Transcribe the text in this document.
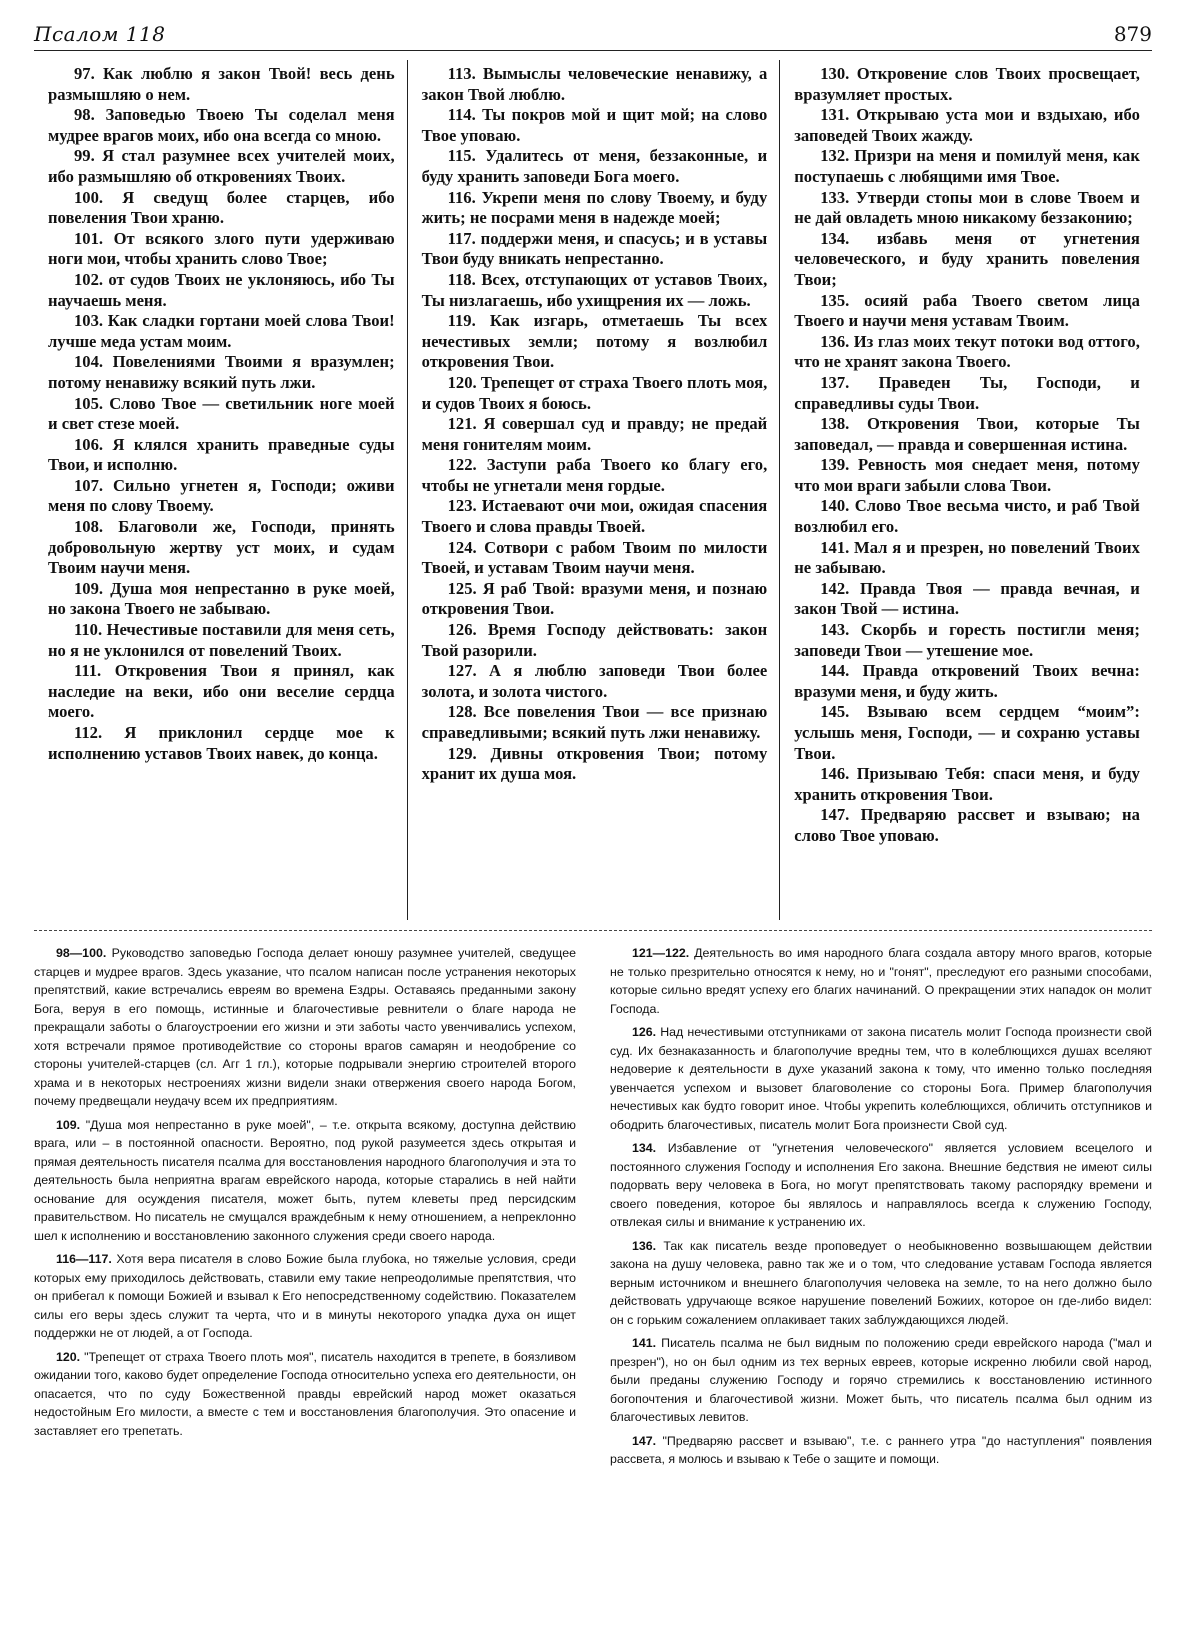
Псалом 118	879

97. Как люблю я закон Твой! весь день размышляю о нем.

98. Заповедью Твоею Ты соделал меня мудрее врагов моих, ибо она всегда со мною.

99. Я стал разумнее всех учителей моих, ибо размышляю об откровениях Твоих.

100. Я сведущ более старцев, ибо повеления Твои храню.

101. От всякого злого пути удерживаю ноги мои, чтобы хранить слово Твое;

102. от судов Твоих не уклоняюсь, ибо Ты научаешь меня.

103. Как сладки гортани моей слова Твои! лучше меда устам моим.

104. Повелениями Твоими я вразумлен; потому ненавижу всякий путь лжи.

105. Слово Твое — светильник ноге моей и свет стезе моей.

106. Я клялся хранить праведные суды Твои, и исполню.

107. Сильно угнетен я, Господи; оживи меня по слову Твоему.

108. Благоволи же, Господи, принять добровольную жертву уст моих, и судам Твоим научи меня.

109. Душа моя непрестанно в руке моей, но закона Твоего не забываю.

110. Нечестивые поставили для меня сеть, но я не уклонился от повелений Твоих.

111. Откровения Твои я принял, как наследие на веки, ибо они веселие сердца моего.

112. Я приклонил сердце мое к исполнению уставов Твоих навек, до конца.

113. Вымыслы человеческие ненавижу, а закон Твой люблю.

114. Ты покров мой и щит мой; на слово Твое уповаю.

115. Удалитесь от меня, беззаконные, и буду хранить заповеди Бога моего.

116. Укрепи меня по слову Твоему, и буду жить; не посрами меня в надежде моей;

117. поддержи меня, и спасусь; и в уставы Твои буду вникать непрестанно.

118. Всех, отступающих от уставов Твоих, Ты низлагаешь, ибо ухищрения их — ложь.

119. Как изгарь, отметаешь Ты всех нечестивых земли; потому я возлюбил откровения Твои.

120. Трепещет от страха Твоего плоть моя, и судов Твоих я боюсь.

121. Я совершал суд и правду; не предай меня гонителям моим.

122. Заступи раба Твоего ко благу его, чтобы не угнетали меня гордые.

123. Истаевают очи мои, ожидая спасения Твоего и слова правды Твоей.

124. Сотвори с рабом Твоим по милости Твоей, и уставам Твоим научи меня.

125. Я раб Твой: вразуми меня, и познаю откровения Твои.

126. Время Господу действовать: закон Твой разорили.

127. А я люблю заповеди Твои более золота, и золота чистого.

128. Все повеления Твои — все признаю справедливыми; всякий путь лжи ненавижу.

129. Дивны откровения Твои; потому хранит их душа моя.

130. Откровение слов Твоих просвещает, вразумляет простых.

131. Открываю уста мои и вздыхаю, ибо заповедей Твоих жажду.

132. Призри на меня и помилуй меня, как поступаешь с любящими имя Твое.

133. Утверди стопы мои в слове Твоем и не дай овладеть мною никакому беззаконию;

134. избавь меня от угнетения человеческого, и буду хранить повеления Твои;

135. осияй раба Твоего светом лица Твоего и научи меня уставам Твоим.

136. Из глаз моих текут потоки вод оттого, что не хранят закона Твоего.

137. Праведен Ты, Господи, и справедливы суды Твои.

138. Откровения Твои, которые Ты заповедал, — правда и совершенная истина.

139. Ревность моя снедает меня, потому что мои враги забыли слова Твои.

140. Слово Твое весьма чисто, и раб Твой возлюбил его.

141. Мал я и презрен, но повелений Твоих не забываю.

142. Правда Твоя — правда вечная, и закон Твой — истина.

143. Скорбь и горесть постигли меня; заповеди Твои — утешение мое.

144. Правда откровений Твоих вечна: вразуми меня, и буду жить.

145. Взываю всем сердцем “моим”: услышь меня, Господи, — и сохраню уставы Твои.

146. Призываю Тебя: спаси меня, и буду хранить откровения Твои.

147. Предваряю рассвет и взываю; на слово Твое уповаю.

98—100. Руководство заповедью Господа делает юношу разумнее учителей, сведущее старцев и мудрее врагов. Здесь указание, что псалом написан после устранения некоторых препятствий, какие встречались евреям во времена Ездры. Оставаясь преданными закону Бога, веруя в его помощь, истинные и благочестивые ревнители о благе народа не прекращали заботы о благоустроении его жизни и эти заботы часто увенчивались успехом, хотя встречали прямое противодействие со стороны врагов самарян и неодобрение со стороны учителей-старцев (сл. Агг 1 гл.), которые подрывали энергию строителей второго храма и в некоторых нестроениях жизни видели знаки отвержения своего народа Богом, почему предвещали неудачу всем их предприятиям.

109. "Душа моя непрестанно в руке моей", – т.е. открыта всякому, доступна действию врага, или – в постоянной опасности. Вероятно, под рукой разумеется здесь открытая и прямая деятельность писателя псалма для восстановления народного благополучия и эта то деятельность была неприятна врагам еврейского народа, которые старались в ней найти основание для осуждения писателя, может быть, путем клеветы пред персидским правительством. Но писатель не смущался враждебным к нему отношением, а непреклонно шел к исполнению и восстановлению законного служения среди своего народа.

116—117. Хотя вера писателя в слово Божие была глубока, но тяжелые условия, среди которых ему приходилось действовать, ставили ему такие непреодолимые препятствия, что он прибегал к помощи Божией и взывал к Его непосредственному содействию. Показателем силы его веры здесь служит та черта, что и в минуты некоторого упадка духа он ищет поддержки не от людей, а от Господа.

120. "Трепещет от страха Твоего плоть моя", писатель находится в трепете, в боязливом ожидании того, каково будет определение Господа относительно успеха его деятельности, он опасается, что по суду Божественной правды еврейский народ может оказаться недостойным Его милости, а вместе с тем и восстановления благополучия. Это опасение и заставляет его трепетать.

121—122. Деятельность во имя народного блага создала автору много врагов, которые не только презрительно относятся к нему, но и "гонят", преследуют его разными способами, которые сильно вредят успеху его благих начинаний. О прекращении этих нападок он молит Господа.

126. Над нечестивыми отступниками от закона писатель молит Господа произнести свой суд. Их безнаказанность и благополучие вредны тем, что в колеблющихся душах вселяют недоверие к деятельности в духе указаний закона к тому, что именно только последняя увенчается успехом и вызовет благоволение со стороны Бога. Пример благополучия нечестивых как будто говорит иное. Чтобы укрепить колеблющихся, обличить отступников и ободрить благочестивых, писатель молит Бога произнести Свой суд.

134. Избавление от "угнетения человеческого" является условием всецелого и постоянного служения Господу и исполнения Его закона. Внешние бедствия не имеют силы подорвать веру человека в Бога, но могут препятствовать такому распорядку времени и своего поведения, которое бы являлось и направлялось всегда к служению Господу, отвлекая силы и внимание к устранению их.

136. Так как писатель везде проповедует о необыкновенно возвышающем действии закона на душу человека, равно так же и о том, что следование уставам Господа является верным источником и внешнего благополучия человека на земле, то на него должно было действовать удручающе всякое нарушение повелений Божиих, которое он где-либо видел: он с горьким сожалением оплакивает таких заблуждающихся людей.

141. Писатель псалма не был видным по положению среди еврейского народа ("мал и презрен"), но он был одним из тех верных евреев, которые искренно любили свой народ, были преданы служению Господу и горячо стремились к восстановлению истинного богопочтения и благочестивой жизни. Может быть, что писатель псалма был одним из благочестивых левитов.

147. "Предваряю рассвет и взываю", т.е. с раннего утра "до наступления" появления рассвета, я молюсь и взываю к Тебе о защите и помощи.
